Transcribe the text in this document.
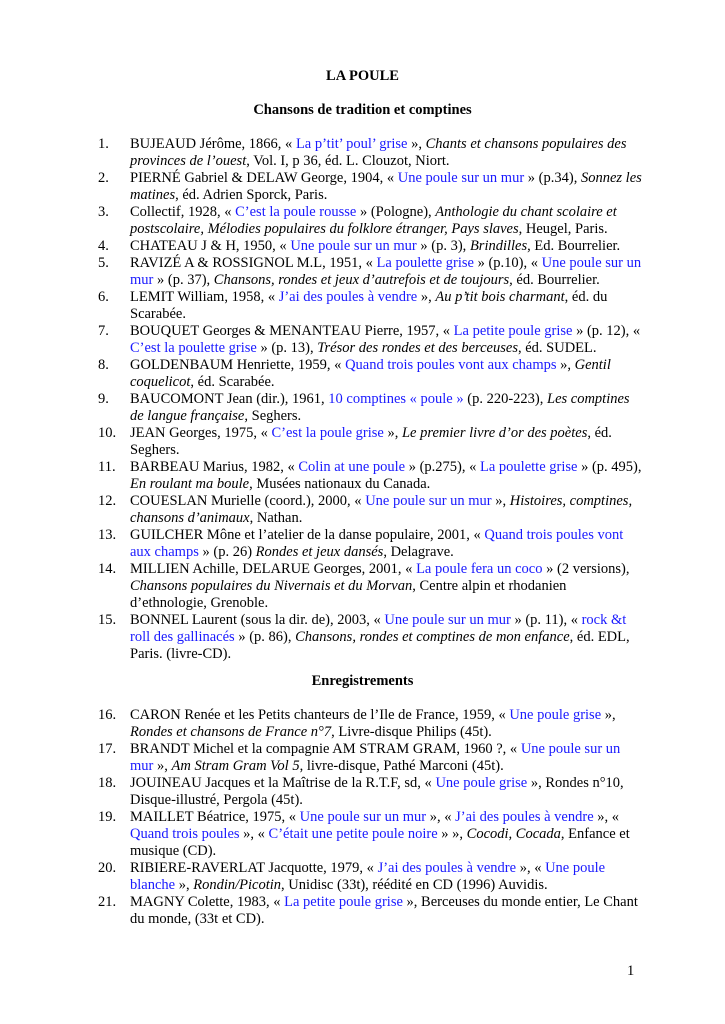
LA POULE
Chansons de tradition et comptines
1.	BUJEAUD Jérôme, 1866, « La p’tit’ poul’ grise », Chants et chansons populaires des provinces de l’ouest, Vol. I, p 36, éd. L. Clouzot, Niort.
2.	PIERNÉ Gabriel & DELAW George, 1904, « Une poule sur un mur » (p.34), Sonnez les matines, éd. Adrien Sporck, Paris.
3.	Collectif, 1928, « C’est la poule rousse » (Pologne), Anthologie du chant scolaire et postscolaire, Mélodies populaires du folklore étranger, Pays slaves, Heugel, Paris.
4.	CHATEAU J & H, 1950, « Une poule sur un mur » (p. 3), Brindilles, Ed. Bourrelier.
5.	RAVIZÉ A & ROSSIGNOL M.L, 1951, « La poulette grise » (p.10), « Une poule sur un mur » (p. 37), Chansons, rondes et jeux d’autrefois et de toujours, éd. Bourrelier.
6.	LEMIT William, 1958, « J’ai des poules à vendre », Au p’tit bois charmant, éd. du Scarabée.
7.	BOUQUET Georges & MENANTEAU Pierre, 1957, « La petite poule grise » (p. 12), « C’est la poulette grise » (p. 13), Trésor des rondes et des berceuses, éd. SUDEL.
8.	GOLDENBAUM Henriette, 1959, « Quand trois poules vont aux champs », Gentil coquelicot, éd. Scarabée.
9.	BAUCOMONT Jean (dir.), 1961, 10 comptines « poule » (p. 220-223), Les comptines de langue française, Seghers.
10. JEAN Georges, 1975, « C’est la poule grise », Le premier livre d’or des poètes, éd. Seghers.
11. BARBEAU Marius, 1982, « Colin at une poule » (p.275), « La poulette grise » (p. 495), En roulant ma boule, Musées nationaux du Canada.
12. COUESLAN Murielle (coord.), 2000, « Une poule sur un mur », Histoires, comptines, chansons d’animaux, Nathan.
13. GUILCHER Mône et l’atelier de la danse populaire, 2001, « Quand trois poules vont aux champs » (p. 26) Rondes et jeux dansés, Delagrave.
14. MILLIEN Achille, DELARUE Georges, 2001, « La poule fera un coco » (2 versions), Chansons populaires du Nivernais et du Morvan, Centre alpin et rhodanien d’ethnologie, Grenoble.
15. BONNEL Laurent (sous la dir. de), 2003, « Une poule sur un mur » (p. 11), « rock &t roll des gallinacés » (p. 86), Chansons, rondes et comptines de mon enfance, éd. EDL, Paris. (livre-CD).
Enregistrements
16. CARON Renée et les Petits chanteurs de l’Ile de France, 1959, « Une poule grise », Rondes et chansons de France n°7, Livre-disque Philips (45t).
17. BRANDT Michel et la compagnie AM STRAM GRAM, 1960 ?, « Une poule sur un mur », Am Stram Gram Vol 5, livre-disque, Pathé Marconi (45t).
18. JOUINEAU Jacques et la Maîtrise de la R.T.F, sd, « Une poule grise », Rondes n°10, Disque-illustré, Pergola (45t).
19. MAILLET Béatrice, 1975, « Une poule sur un mur », « J’ai des poules à vendre », « Quand trois poules », « C’était une petite poule noire » », Cocodi, Cocada, Enfance et musique (CD).
20. RIBIERE-RAVERLAT Jacquotte, 1979, « J’ai des poules à vendre », « Une poule blanche », Rondin/Picotin, Unidisc (33t), réédité en CD (1996) Auvidis.
21. MAGNY Colette, 1983, « La petite poule grise », Berceuses du monde entier, Le Chant du monde, (33t et CD).
1
